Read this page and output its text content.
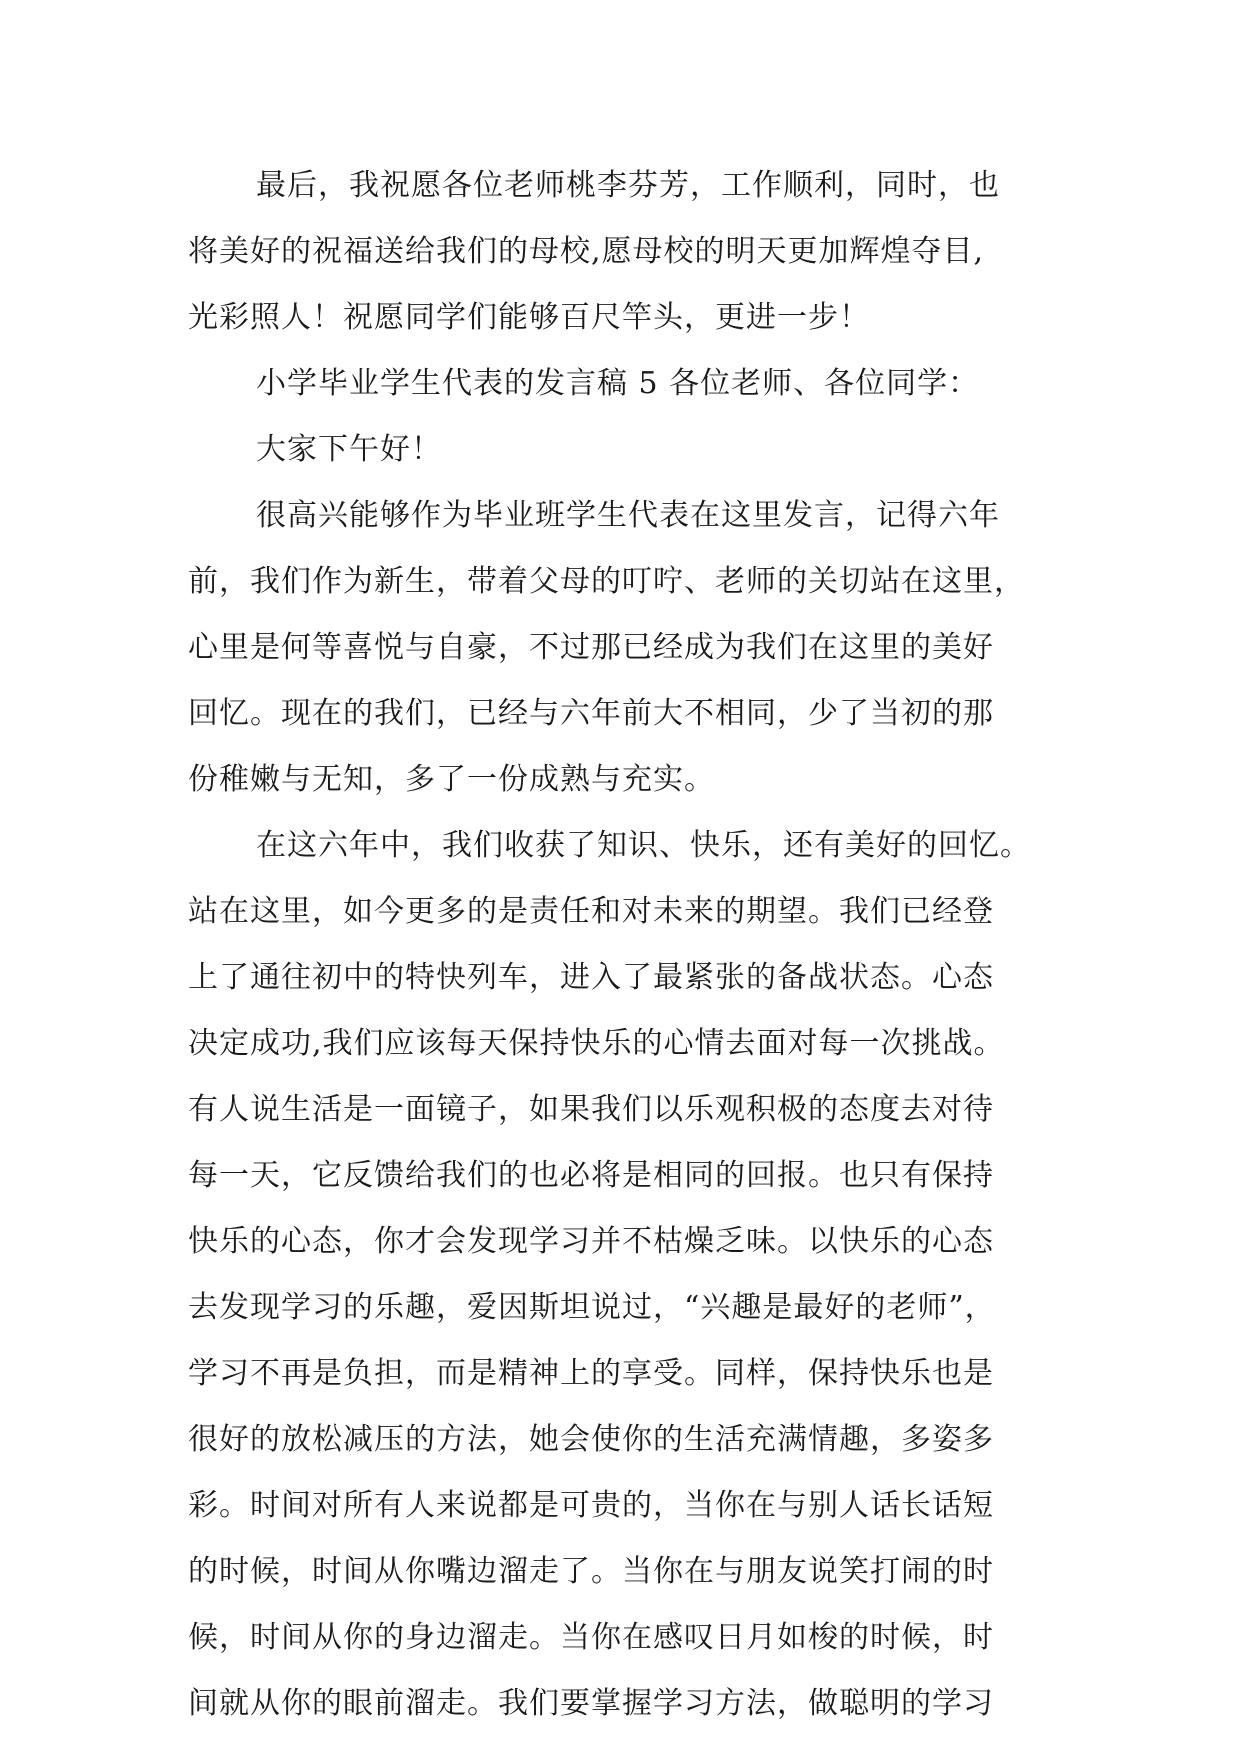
最后，我祝愿各位老师桃李芬芳，工作顺利，同时，也
将美好的祝福送给我们的母校,愿母校的明天更加辉煌夺目,
光彩照人！祝愿同学们能够百尺竿头，更进一步！
小学毕业学生代表的发言稿 5 各位老师、各位同学：
大家下午好！
很高兴能够作为毕业班学生代表在这里发言，记得六年
前，我们作为新生，带着父母的叮咛、老师的关切站在这里，
心里是何等喜悦与自豪，不过那已经成为我们在这里的美好
回忆。现在的我们，已经与六年前大不相同，少了当初的那
份稚嫩与无知，多了一份成熟与充实。
在这六年中，我们收获了知识、快乐，还有美好的回忆。
站在这里，如今更多的是责任和对未来的期望。我们已经登
上了通往初中的特快列车，进入了最紧张的备战状态。心态
决定成功,我们应该每天保持快乐的心情去面对每一次挑战。
有人说生活是一面镜子，如果我们以乐观积极的态度去对待
每一天，它反馈给我们的也必将是相同的回报。也只有保持
快乐的心态，你才会发现学习并不枯燥乏味。以快乐的心态
去发现学习的乐趣，爱因斯坦说过，“兴趣是最好的老师”，
学习不再是负担，而是精神上的享受。同样，保持快乐也是
很好的放松减压的方法，她会使你的生活充满情趣，多姿多
彩。时间对所有人来说都是可贵的，当你在与别人话长话短
的时候，时间从你嘴边溜走了。当你在与朋友说笑打闹的时
候，时间从你的身边溜走。当你在感叹日月如梭的时候，时
间就从你的眼前溜走。我们要掌握学习方法，做聪明的学习
